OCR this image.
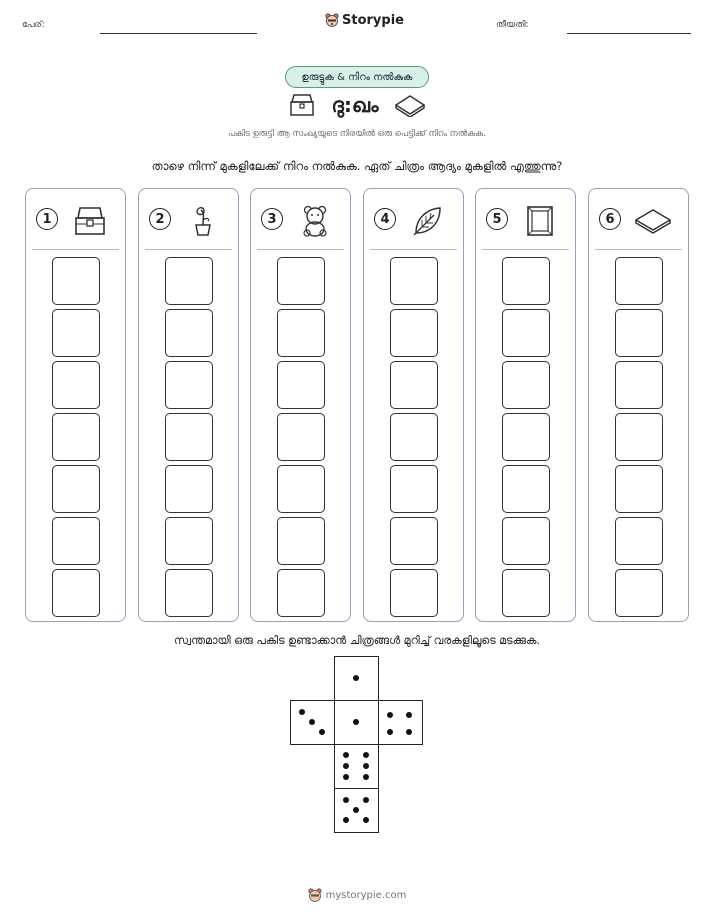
പേര്:	Storypie	തീയതി:
ഉരുട്ടുക & നിറം നൽകുക
ദു:ഖം
പകിട ഉരുട്ടി ആ സംഖ്യയുടെ നിരയിൽ ഒരു പെട്ടിക്ക് നിറം നൽകുക.
താഴെ നിന്ന് മുകളിലേക്ക് നിറം നൽകുക. ഏത് ചിത്രം ആദ്യം മുകളിൽ എത്തുന്നു?
1	2	3	4	5	6
സ്വന്തമായി ഒരു പകിട ഉണ്ടാക്കാൻ ചിത്രങ്ങൾ മുറിച്ച് വരകളിലൂടെ മടക്കുക.
mystorypie.com
